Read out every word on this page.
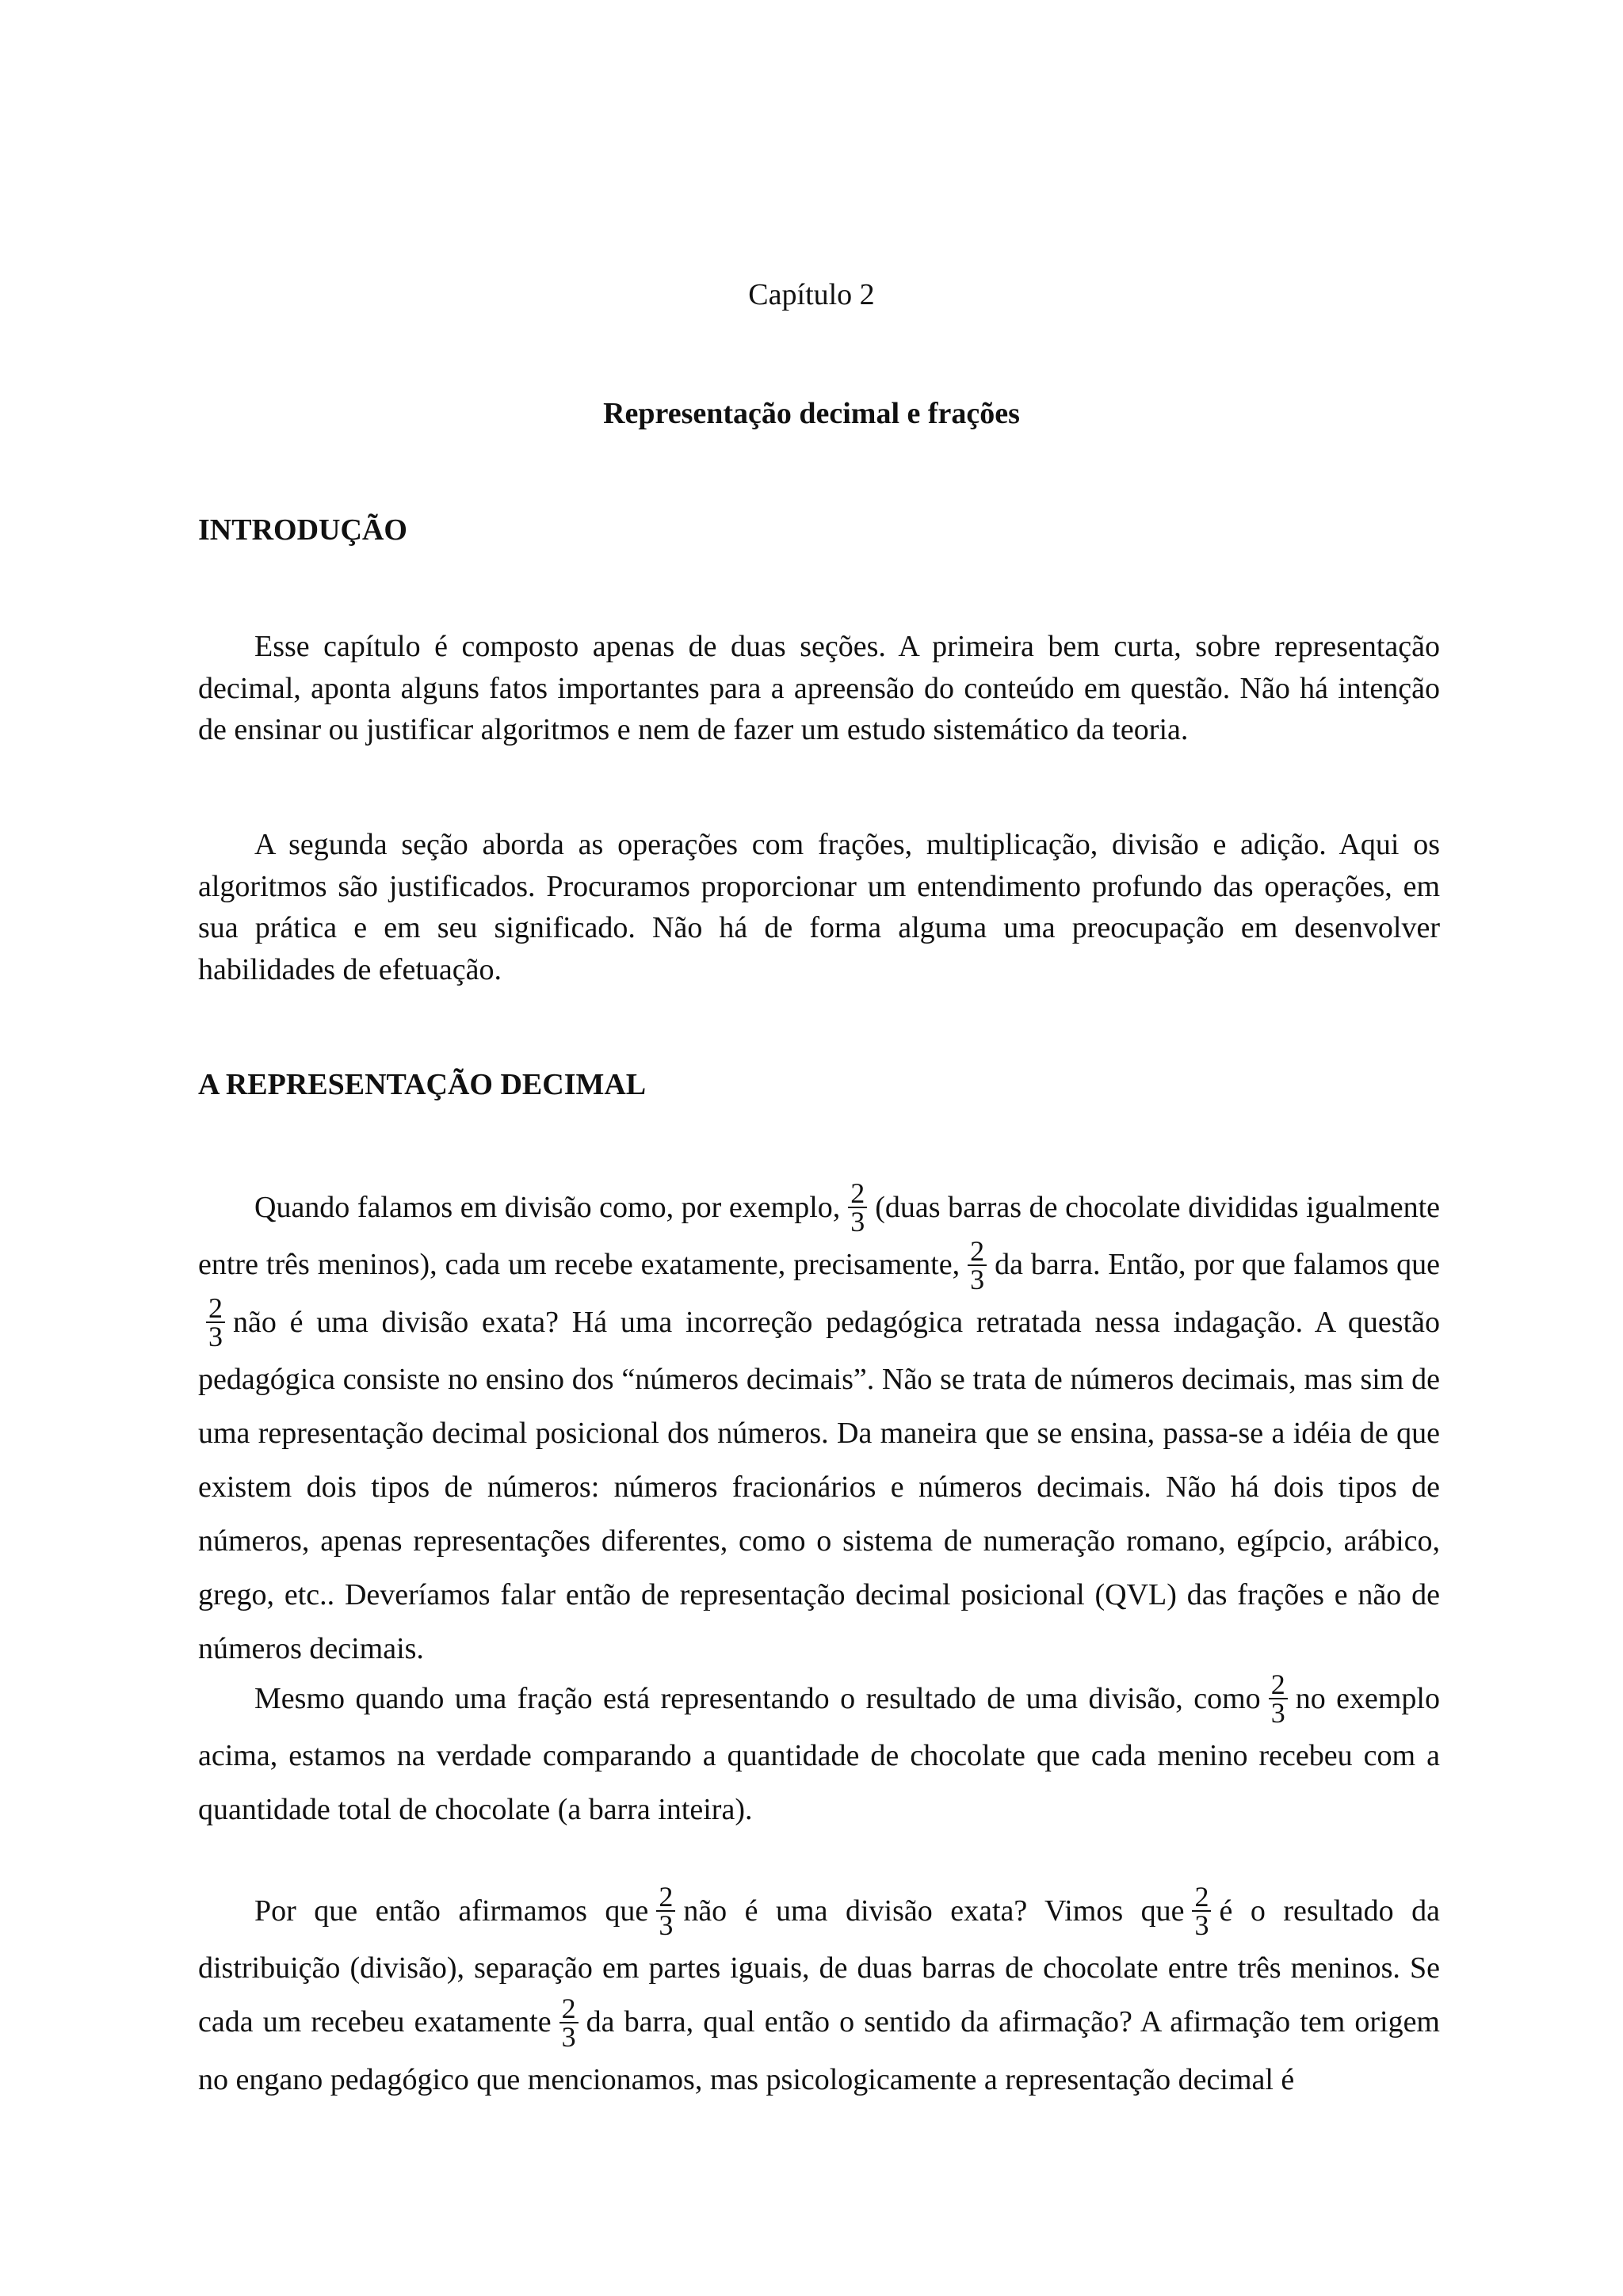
Capítulo 2
Representação decimal e frações
INTRODUÇÃO

Esse capítulo é composto apenas de duas seções. A primeira bem curta, sobre representação decimal, aponta alguns fatos importantes para a apreensão do conteúdo em questão. Não há intenção de ensinar ou justificar algoritmos e nem de fazer um estudo sistemático da teoria.

A segunda seção aborda as operações com frações, multiplicação, divisão e adição. Aqui os algoritmos são justificados. Procuramos proporcionar um entendimento profundo das operações, em sua prática e em seu significado. Não há de forma alguma uma preocupação em desenvolver habilidades de efetuação.

A REPRESENTAÇÃO DECIMAL

Quando falamos em divisão como, por exemplo, $\frac{2}{3}$ (duas barras de chocolate divididas igualmente entre três meninos), cada um recebe exatamente, precisamente, $\frac{2}{3}$ da barra. Então, por que falamos que
$\frac{2}{3}$ não é uma divisão exata? Há uma incorreção pedagógica retratada nessa indagação. A questão pedagógica consiste no ensino dos “números decimais”. Não se trata de números decimais, mas sim de uma representação decimal posicional dos números. Da maneira que se ensina, passa-se a idéia de que existem dois tipos de números: números fracionários e números decimais. Não há dois tipos de números, apenas representações diferentes, como o sistema de numeração romano, egípcio, arábico, grego, etc.. Deveríamos falar então de representação decimal posicional (QVL) das frações e não de números decimais.

Mesmo quando uma fração está representando o resultado de uma divisão, como $\frac{2}{3}$ no exemplo acima, estamos na verdade comparando a quantidade de chocolate que cada menino recebeu com a quantidade total de chocolate (a barra inteira).

Por que então afirmamos que $\frac{2}{3}$ não é uma divisão exata? Vimos que $\frac{2}{3}$ é o resultado da distribuição (divisão), separação em partes iguais, de duas barras de chocolate entre três meninos. Se cada um recebeu exatamente $\frac{2}{3}$ da barra, qual então o sentido da afirmação? A afirmação tem origem no engano pedagógico que mencionamos, mas psicologicamente a representação decimal é
